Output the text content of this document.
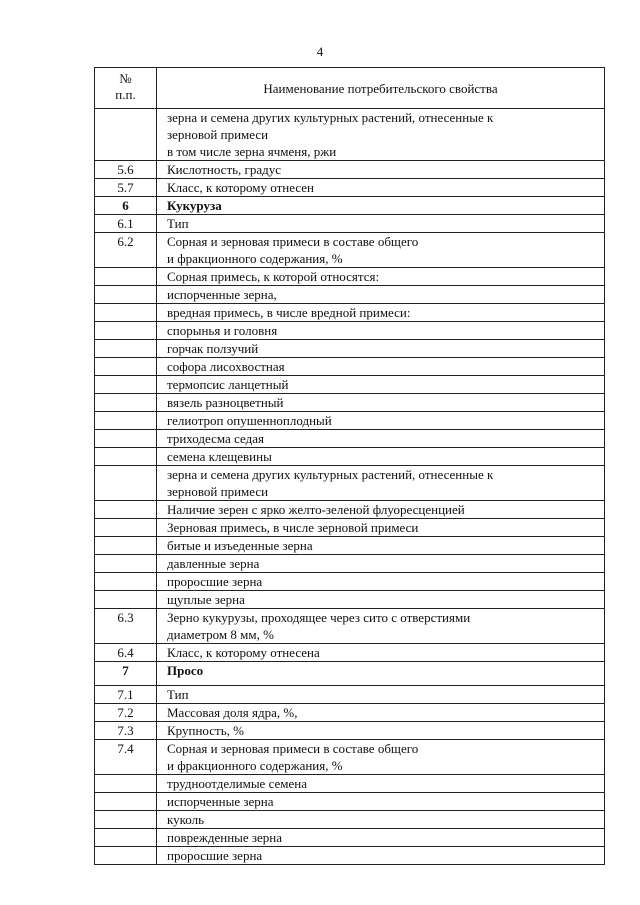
4
№
п.п.	Наименование потребительского свойства

	зерна и семена других культурных растений, отнесенные к
зерновой примеси
в том числе зерна ячменя, ржи

5.6	Кислотность, градус

5.7	Класс, к которому отнесен

6	Кукуруза

6.1	Тип

6.2	Сорная и зерновая примеси в составе общего
и фракционного содержания, %

	Сорная примесь, к которой относятся:

	испорченные зерна,

	вредная примесь, в числе вредной примеси:

	спорынья и головня

	горчак ползучий

	софора лисохвостная

	термопсис ланцетный

	вязель разноцветный

	гелиотроп опушенноплодный

	триходесма седая

	семена клещевины

	зерна и семена других культурных растений, отнесенные к
зерновой примеси

	Наличие зерен с ярко желто-зеленой флуоресценцией

	Зерновая примесь, в числе зерновой примеси

	битые и изъеденные зерна

	давленные зерна

	проросшие зерна

	щуплые зерна

6.3	Зерно кукурузы, проходящее через сито с отверстиями
диаметром 8 мм, %

6.4	Класс, к которому отнесена

7	Просо

7.1	Тип

7.2	Массовая доля ядра, %,

7.3	Крупность, %

7.4	Сорная и зерновая примеси в составе общего
и фракционного содержания, %

	трудноотделимые семена

	испорченные зерна

	куколь

	поврежденные зерна

	проросшие зерна
